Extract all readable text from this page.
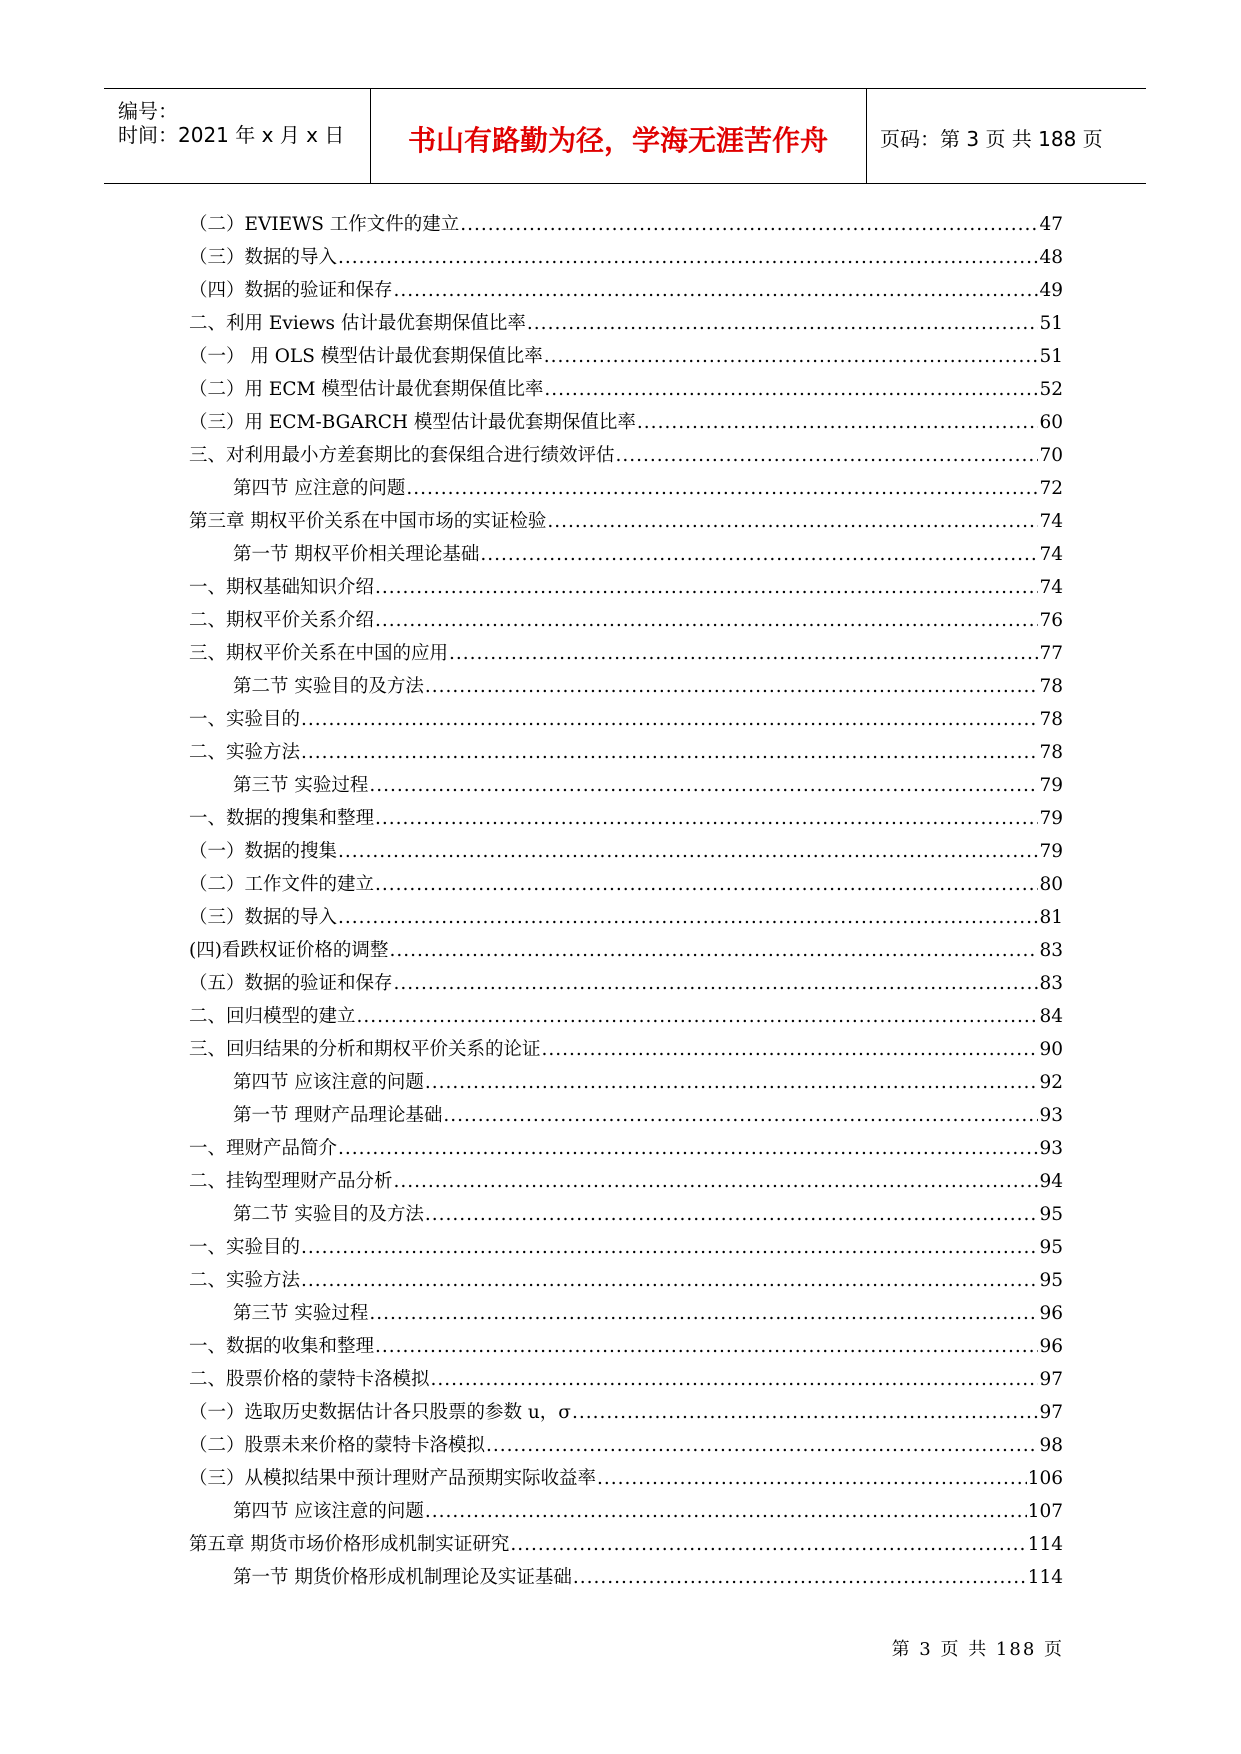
编号：
时间：2021 年 x 月 x 日	书山有路勤为径，学海无涯苦作舟	页码：第 3 页 共 188 页
（二）EVIEWS 工作文件的建立 .....	47
（三）数据的导入 .....	48
（四）数据的验证和保存 .....	49
二、利用 Eviews 估计最优套期保值比率 .....	51
（一） 用 OLS 模型估计最优套期保值比率 .....	51
（二）用 ECM 模型估计最优套期保值比率 .....	52
（三）用 ECM-BGARCH 模型估计最优套期保值比率 .....	60
三、对利用最小方差套期比的套保组合进行绩效评估 .....	70
第四节 应注意的问题 .....	72
第三章 期权平价关系在中国市场的实证检验 .....	74
第一节 期权平价相关理论基础 .....	74
一、期权基础知识介绍 .....	74
二、期权平价关系介绍 .....	76
三、期权平价关系在中国的应用 .....	77
第二节 实验目的及方法 .....	78
一、实验目的 .....	78
二、实验方法 .....	78
第三节 实验过程 .....	79
一、数据的搜集和整理 .....	79
（一）数据的搜集 .....	79
（二）工作文件的建立 .....	80
（三）数据的导入 .....	81
(四)看跌权证价格的调整 .....	83
（五）数据的验证和保存 .....	83
二、回归模型的建立 .....	84
三、回归结果的分析和期权平价关系的论证 .....	90
第四节 应该注意的问题 .....	92
第一节 理财产品理论基础 .....	93
一、理财产品简介 .....	93
二、挂钩型理财产品分析 .....	94
第二节 实验目的及方法 .....	95
一、实验目的 .....	95
二、实验方法 .....	95
第三节 实验过程 .....	96
一、数据的收集和整理 .....	96
二、股票价格的蒙特卡洛模拟 .....	97
（一）选取历史数据估计各只股票的参数 u，σ .....	97
（二）股票未来价格的蒙特卡洛模拟 .....	98
（三）从模拟结果中预计理财产品预期实际收益率 .....	106
第四节 应该注意的问题 .....	107
第五章 期货市场价格形成机制实证研究 .....	114
第一节 期货价格形成机制理论及实证基础 .....	114
第 3 页 共 188 页
